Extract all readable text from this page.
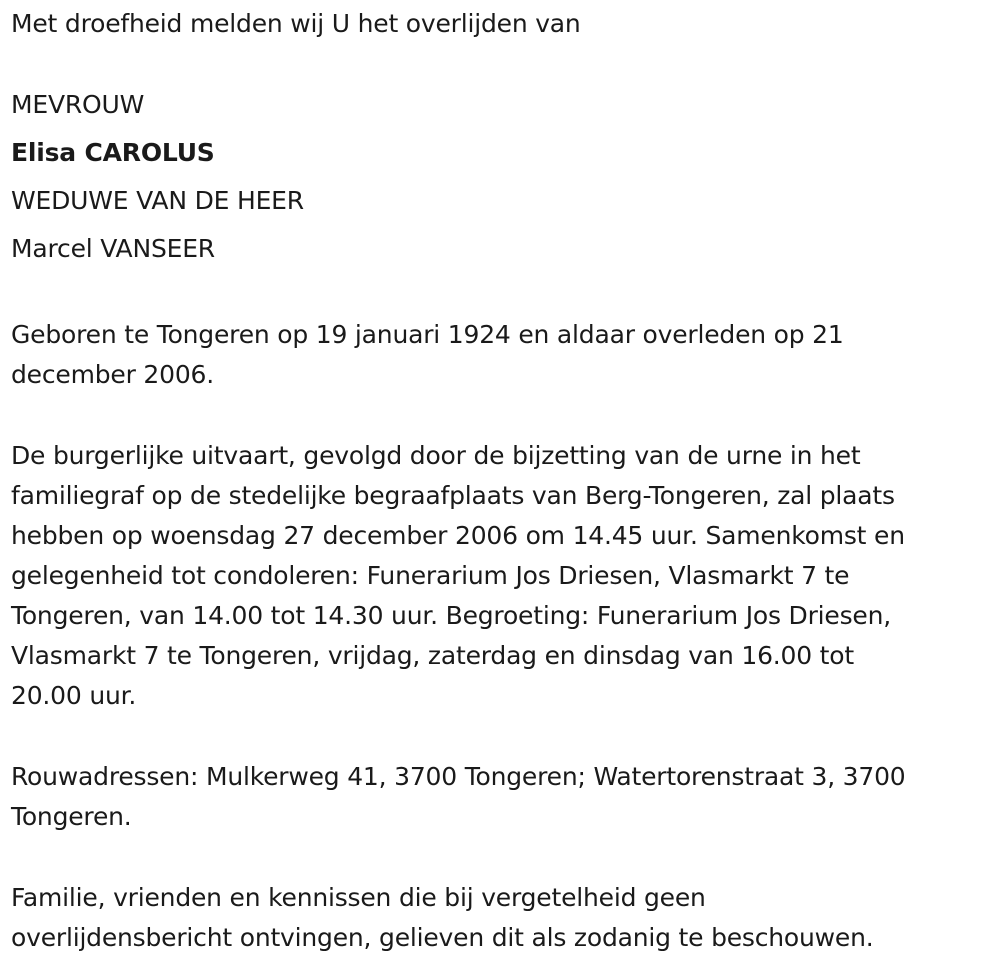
Met droefheid melden wij U het overlijden van
MEVROUW
Elisa CAROLUS
WEDUWE VAN DE HEER
Marcel VANSEER
Geboren te Tongeren op 19 januari 1924 en aldaar overleden op 21
december 2006.
De burgerlijke uitvaart, gevolgd door de bijzetting van de urne in het
familiegraf op de stedelijke begraafplaats van Berg-Tongeren, zal plaats
hebben op woensdag 27 december 2006 om 14.45 uur. Samenkomst en
gelegenheid tot condoleren: Funerarium Jos Driesen, Vlasmarkt 7 te
Tongeren, van 14.00 tot 14.30 uur. Begroeting: Funerarium Jos Driesen,
Vlasmarkt 7 te Tongeren, vrijdag, zaterdag en dinsdag van 16.00 tot
20.00 uur.
Rouwadressen: Mulkerweg 41, 3700 Tongeren; Watertorenstraat 3, 3700
Tongeren.
Familie, vrienden en kennissen die bij vergetelheid geen
overlijdensbericht ontvingen, gelieven dit als zodanig te beschouwen.
